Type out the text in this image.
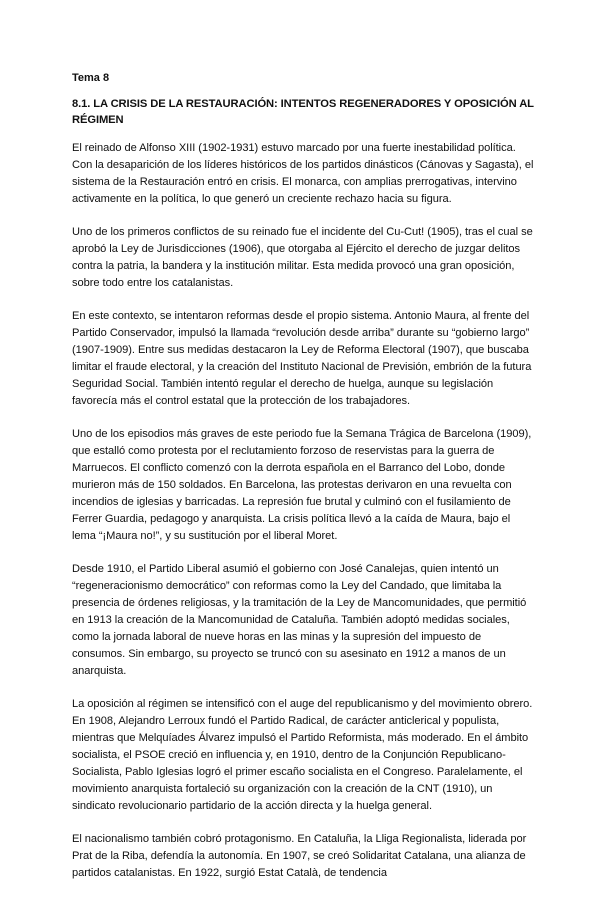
Tema 8
8.1. LA CRISIS DE LA RESTAURACIÓN: INTENTOS REGENERADORES Y OPOSICIÓN AL RÉGIMEN

El reinado de Alfonso XIII (1902-1931) estuvo marcado por una fuerte inestabilidad política. Con la desaparición de los líderes históricos de los partidos dinásticos (Cánovas y Sagasta), el sistema de la Restauración entró en crisis. El monarca, con amplias prerrogativas, intervino activamente en la política, lo que generó un creciente rechazo hacia su figura.

Uno de los primeros conflictos de su reinado fue el incidente del Cu-Cut! (1905), tras el cual se aprobó la Ley de Jurisdicciones (1906), que otorgaba al Ejército el derecho de juzgar delitos contra la patria, la bandera y la institución militar. Esta medida provocó una gran oposición, sobre todo entre los catalanistas.

En este contexto, se intentaron reformas desde el propio sistema. Antonio Maura, al frente del Partido Conservador, impulsó la llamada “revolución desde arriba” durante su “gobierno largo” (1907-1909). Entre sus medidas destacaron la Ley de Reforma Electoral (1907), que buscaba limitar el fraude electoral, y la creación del Instituto Nacional de Previsión, embrión de la futura Seguridad Social. También intentó regular el derecho de huelga, aunque su legislación favorecía más el control estatal que la protección de los trabajadores.

Uno de los episodios más graves de este periodo fue la Semana Trágica de Barcelona (1909), que estalló como protesta por el reclutamiento forzoso de reservistas para la guerra de Marruecos. El conflicto comenzó con la derrota española en el Barranco del Lobo, donde murieron más de 150 soldados. En Barcelona, las protestas derivaron en una revuelta con incendios de iglesias y barricadas. La represión fue brutal y culminó con el fusilamiento de Ferrer Guardia, pedagogo y anarquista. La crisis política llevó a la caída de Maura, bajo el lema “¡Maura no!”, y su sustitución por el liberal Moret.

Desde 1910, el Partido Liberal asumió el gobierno con José Canalejas, quien intentó un “regeneracionismo democrático” con reformas como la Ley del Candado, que limitaba la presencia de órdenes religiosas, y la tramitación de la Ley de Mancomunidades, que permitió en 1913 la creación de la Mancomunidad de Cataluña. También adoptó medidas sociales, como la jornada laboral de nueve horas en las minas y la supresión del impuesto de consumos. Sin embargo, su proyecto se truncó con su asesinato en 1912 a manos de un anarquista.

La oposición al régimen se intensificó con el auge del republicanismo y del movimiento obrero. En 1908, Alejandro Lerroux fundó el Partido Radical, de carácter anticlerical y populista, mientras que Melquíades Álvarez impulsó el Partido Reformista, más moderado. En el ámbito socialista, el PSOE creció en influencia y, en 1910, dentro de la Conjunción Republicano-Socialista, Pablo Iglesias logró el primer escaño socialista en el Congreso. Paralelamente, el movimiento anarquista fortaleció su organización con la creación de la CNT (1910), un sindicato revolucionario partidario de la acción directa y la huelga general.

El nacionalismo también cobró protagonismo. En Cataluña, la Lliga Regionalista, liderada por Prat de la Riba, defendía la autonomía. En 1907, se creó Solidaritat Catalana, una alianza de partidos catalanistas. En 1922, surgió Estat Català, de tendencia
